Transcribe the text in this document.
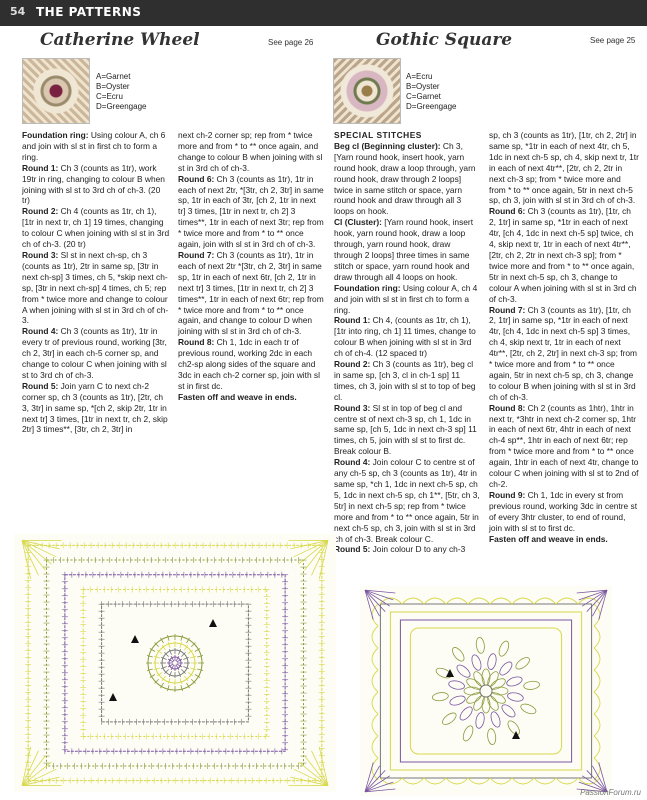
54 THE PATTERNS
Catherine Wheel	See page 26
A=Garnet
B=Oyster
C=Ecru
D=Greengage
Gothic Square	See page 25
A=Ecru
B=Oyster
C=Garnet
D=Greengage

Foundation ring: Using colour A, ch 6 and join with sl st in first ch to form a ring.

Round 1: Ch 3 (counts as 1tr), work 19tr in ring, changing to colour B when joining with sl st to 3rd ch of ch-3. (20 tr)

Round 2: Ch 4 (counts as 1tr, ch 1), [1tr in next tr, ch 1] 19 times, changing to colour C when joining with sl st in 3rd ch of ch-3. (20 tr)

Round 3: Sl st in next ch-sp, ch 3 (counts as 1tr), 2tr in same sp, [3tr in next ch-sp] 3 times, ch 5, *skip next ch-sp, [3tr in next ch-sp] 4 times, ch 5; rep from * twice more and change to colour A when joining with sl st in 3rd ch of ch-3.

Round 4: Ch 3 (counts as 1tr), 1tr in every tr of previous round, working [3tr, ch 2, 3tr] in each ch-5 corner sp, and change to colour C when joining with sl st to 3rd ch of ch-3.

Round 5: Join yarn C to next ch-2 corner sp, ch 3 (counts as 1tr), [2tr, ch 3, 3tr] in same sp, *[ch 2, skip 2tr, 1tr in next tr] 3 times, [1tr in next tr, ch 2, skip 2tr] 3 times**, [3tr, ch 2, 3tr] in

next ch-2 corner sp; rep from * twice more and from * to ** once again, and change to colour B when joining with sl st in 3rd ch of ch-3.

Round 6: Ch 3 (counts as 1tr), 1tr in each of next 2tr, *[3tr, ch 2, 3tr] in same sp, 1tr in each of 3tr, [ch 2, 1tr in next tr] 3 times, [1tr in next tr, ch 2] 3 times**, 1tr in each of next 3tr; rep from * twice more and from * to ** once again, join with sl st in 3rd ch of ch-3.

Round 7: Ch 3 (counts as 1tr), 1tr in each of next 2tr *[3tr, ch 2, 3tr] in same sp, 1tr in each of next 6tr, [ch 2, 1tr in next tr] 3 times, [1tr in next tr, ch 2] 3 times**, 1tr in each of next 6tr; rep from * twice more and from * to ** once again, and change to colour D when joining with sl st in 3rd ch of ch-3.

Round 8: Ch 1, 1dc in each tr of previous round, working 2dc in each ch2-sp along sides of the square and 3dc in each ch-2 corner sp, join with sl st in first dc.

Fasten off and weave in ends.

SPECIAL STITCHES

Beg cl (Beginning cluster): Ch 3, [Yarn round hook, insert hook, yarn round hook, draw a loop through, yarn round hook, draw through 2 loops] twice in same stitch or space, yarn round hook and draw through all 3 loops on hook.

Cl (Cluster): [Yarn round hook, insert hook, yarn round hook, draw a loop through, yarn round hook, draw through 2 loops] three times in same stitch or space, yarn round hook and draw through all 4 loops on hook.

Foundation ring: Using colour A, ch 4 and join with sl st in first ch to form a ring.

Round 1: Ch 4, (counts as 1tr, ch 1), [1tr into ring, ch 1] 11 times, change to colour B when joining with sl st in 3rd ch of ch-4. (12 spaced tr)

Round 2: Ch 3 (counts as 1tr), beg cl in same sp, [ch 3, cl in ch-1 sp] 11 times, ch 3, join with sl st to top of beg cl.

Round 3: Sl st in top of beg cl and centre st of next ch-3 sp, ch 1, 1dc in same sp, [ch 5, 1dc in next ch-3 sp] 11 times, ch 5, join with sl st to first dc. Break colour B.

Round 4: Join colour C to centre st of any ch-5 sp, ch 3 (counts as 1tr), 4tr in same sp, *ch 1, 1dc in next ch-5 sp, ch 5, 1dc in next ch-5 sp, ch 1**, [5tr, ch 3, 5tr] in next ch-5 sp; rep from * twice more and from * to ** once again, 5tr in next ch-5 sp, ch 3, join with sl st in 3rd ch of ch-3. Break colour C.

Round 5: Join colour D to any ch-3

sp, ch 3 (counts as 1tr), [1tr, ch 2, 2tr] in same sp, *1tr in each of next 4tr, ch 5, 1dc in next ch-5 sp, ch 4, skip next tr, 1tr in each of next 4tr**, [2tr, ch 2, 2tr in next ch-3 sp; from * twice more and from * to ** once again, 5tr in next ch-5 sp, ch 3, join with sl st in 3rd ch of ch-3.

Round 6: Ch 3 (counts as 1tr), [1tr, ch 2, 1tr] in same sp, *1tr in each of next 4tr, [ch 4, 1dc in next ch-5 sp] twice, ch 4, skip next tr, 1tr in each of next 4tr**, [2tr, ch 2, 2tr in next ch-3 sp]; from * twice more and from * to ** once again, 5tr in next ch-5 sp, ch 3, change to colour A when joining with sl st in 3rd ch of ch-3.

Round 7: Ch 3 (counts as 1tr), [1tr, ch 2, 1tr] in same sp, *1tr in each of next 4tr, [ch 4, 1dc in next ch-5 sp] 3 times, ch 4, skip next tr, 1tr in each of next 4tr**, [2tr, ch 2, 2tr] in next ch-3 sp; from * twice more and from * to ** once again, 5tr in next ch-5 sp, ch 3, change to colour B when joining with sl st in 3rd ch of ch-3.

Round 8: Ch 2 (counts as 1htr), 1htr in next tr, *3htr in next ch-2 corner sp, 1htr in each of next 6tr, 4htr in each of next ch-4 sp**, 1htr in each of next 6tr; rep from * twice more and from * to ** once again, 1htr in each of next 4tr, change to colour C when joining with sl st to 2nd of ch-2.

Round 9: Ch 1, 1dc in every st from previous round, working 3dc in centre st of every 3htr cluster, to end of round, join with sl st to first dc.

Fasten off and weave in ends.

PassionForum.ru
